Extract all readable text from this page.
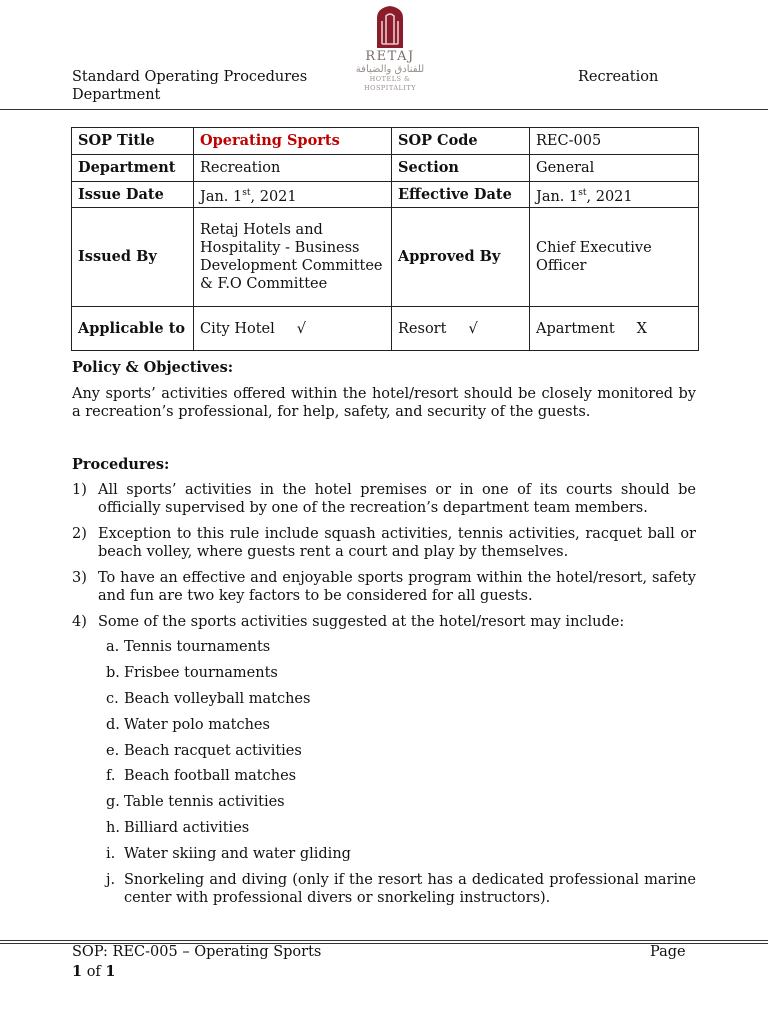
RETAJ
للفنادق والضيافة
HOTELS & HOSPITALITY
Standard Operating Procedures
Department
Recreation
SOP Title	Operating Sports	SOP Code	REC-005
Department	Recreation	Section	General
Issue Date	Jan. 1st, 2021	Effective Date	Jan. 1st, 2021
Issued By	Retaj Hotels and Hospitality - Business Development Committee & F.O Committee	Approved By	Chief Executive Officer
Applicable to	City Hotel √	Resort √	Apartment X
Policy & Objectives:
Any sports’ activities offered within the hotel/resort should be closely monitored by a recreation’s professional, for help, safety, and security of the guests.
Procedures:
1) All sports’ activities in the hotel premises or in one of its courts should be officially supervised by one of the recreation’s department team members.
2) Exception to this rule include squash activities, tennis activities, racquet ball or beach volley, where guests rent a court and play by themselves.
3) To have an effective and enjoyable sports program within the hotel/resort, safety and fun are two key factors to be considered for all guests.
4) Some of the sports activities suggested at the hotel/resort may include:
a. Tennis tournaments
b. Frisbee tournaments
c. Beach volleyball matches
d. Water polo matches
e. Beach racquet activities
f. Beach football matches
g. Table tennis activities
h. Billiard activities
i. Water skiing and water gliding
j. Snorkeling and diving (only if the resort has a dedicated professional marine center with professional divers or snorkeling instructors).
SOP: REC-005 – Operating Sports
1 of 1
Page
